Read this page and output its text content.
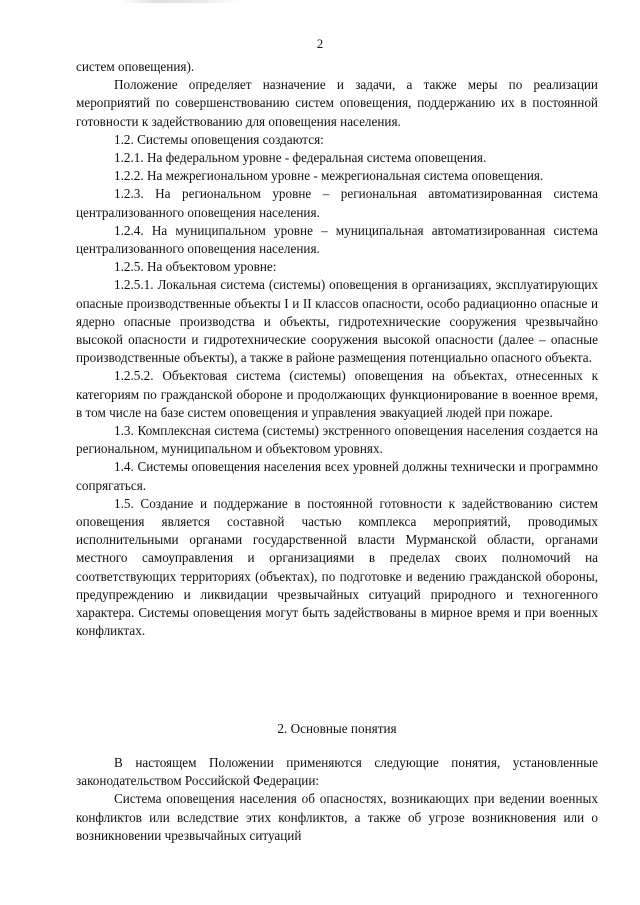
2

систем оповещения).

Положение определяет назначение и задачи, а также меры по реализации мероприятий по совершенствованию систем оповещения, поддержанию их в постоянной готовности к задействованию для оповещения населения.

1.2. Системы оповещения создаются:

1.2.1. На федеральном уровне - федеральная система оповещения.

1.2.2. На межрегиональном уровне - межрегиональная система оповещения.

1.2.3. На региональном уровне – региональная автоматизированная система централизованного оповещения населения.

1.2.4. На муниципальном уровне – муниципальная автоматизированная система централизованного оповещения населения.

1.2.5. На объектовом уровне:

1.2.5.1. Локальная система (системы) оповещения в организациях, эксплуатирующих опасные производственные объекты I и II классов опасности, особо радиационно опасные и ядерно опасные производства и объекты, гидротехнические сооружения чрезвычайно высокой опасности и гидротехнические сооружения высокой опасности (далее – опасные производственные объекты), а также в районе размещения потенциально опасного объекта.

1.2.5.2. Объектовая система (системы) оповещения на объектах, отнесенных к категориям по гражданской обороне и продолжающих функционирование в военное время, в том числе на базе систем оповещения и управления эвакуацией людей при пожаре.

1.3. Комплексная система (системы) экстренного оповещения населения создается на региональном, муниципальном и объектовом уровнях.

1.4. Системы оповещения населения всех уровней должны технически и программно сопрягаться.

1.5. Создание и поддержание в постоянной готовности к задействованию систем оповещения является составной частью комплекса мероприятий, проводимых исполнительными органами государственной власти Мурманской области, органами местного самоуправления и организациями в пределах своих полномочий на соответствующих территориях (объектах), по подготовке и ведению гражданской обороны, предупреждению и ликвидации чрезвычайных ситуаций природного и техногенного характера. Системы оповещения могут быть задействованы в мирное время и при военных конфликтах.

2. Основные понятия

В настоящем Положении применяются следующие понятия, установленные законодательством Российской Федерации:

Система оповещения населения об опасностях, возникающих при ведении военных конфликтов или вследствие этих конфликтов, а также об угрозе возникновения или о возникновении чрезвычайных ситуаций
